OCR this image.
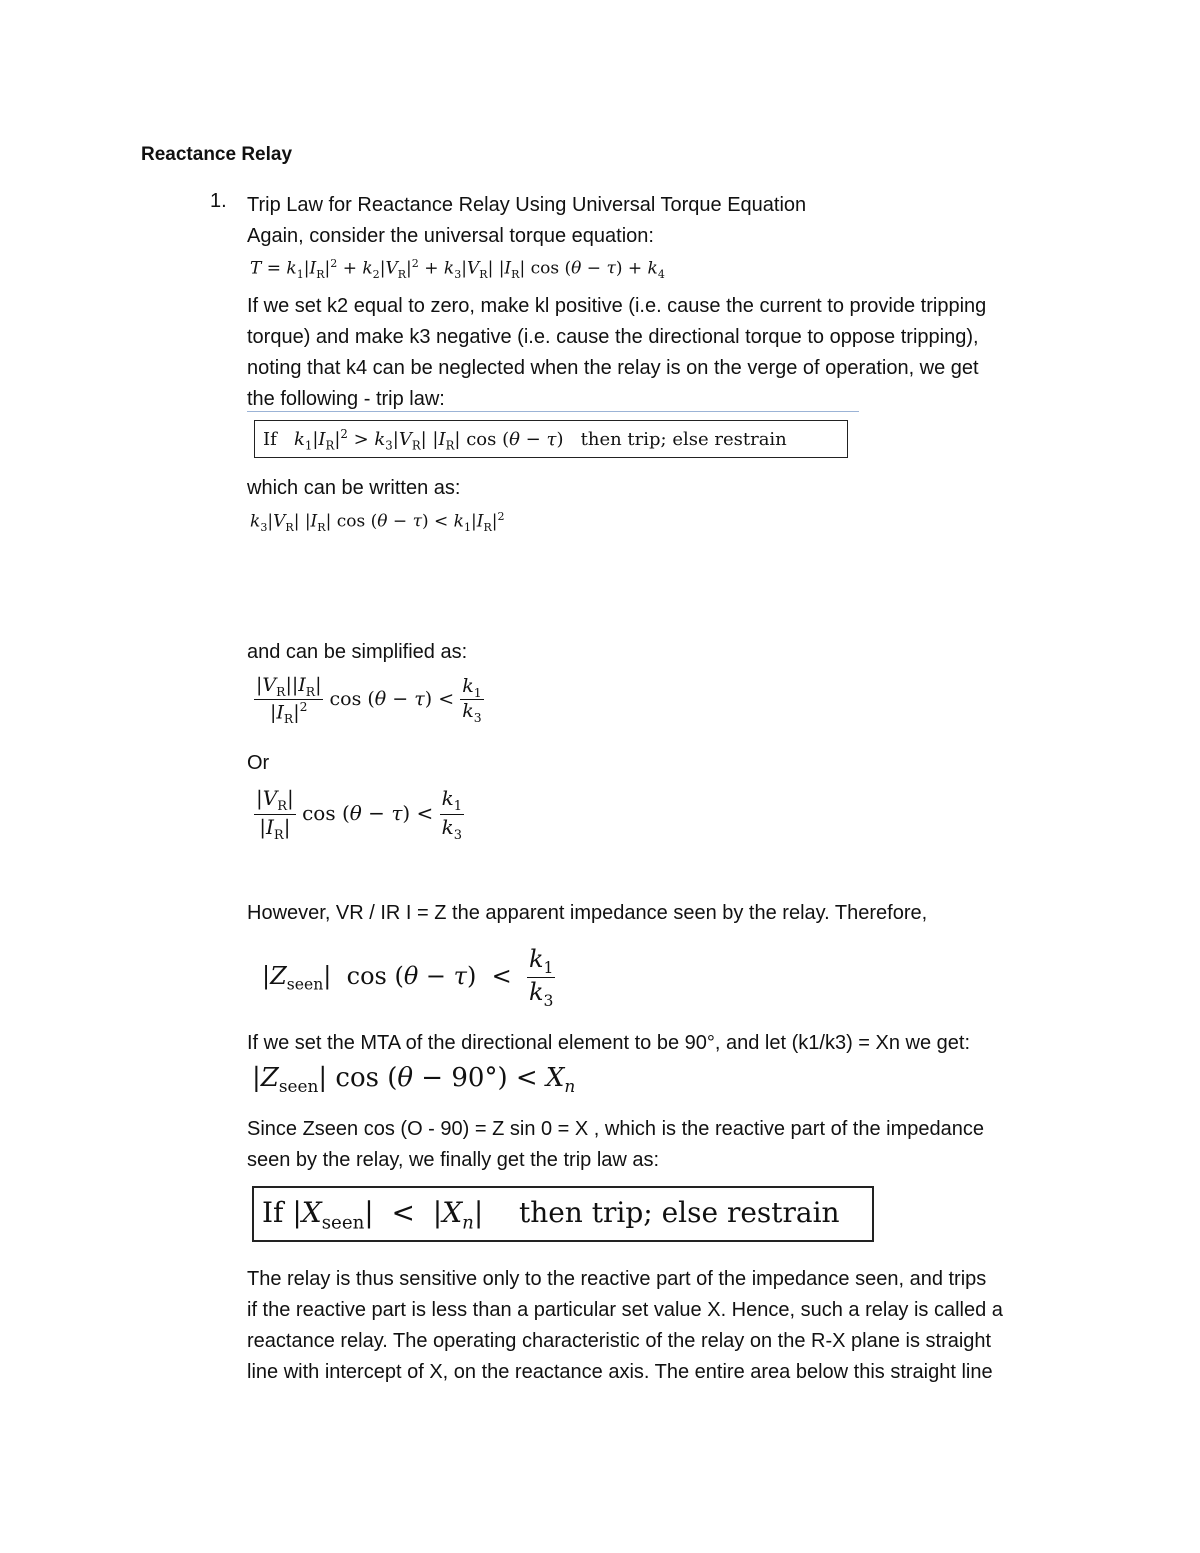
Reactance Relay
1. Trip Law for Reactance Relay Using Universal Torque Equation
Again, consider the universal torque equation:
$T = k_1|I_R|^2 + k_2|V_R|^2 + k_3|V_R|$ $|I_R|$ $\cos (\theta - \tau) + k_4$
If we set k2 equal to zero, make kl positive (i.e. cause the current to provide tripping
torque) and make k3 negative (i.e. cause the directional torque to oppose tripping),
noting that k4 can be neglected when the relay is on the verge of operation, we get
the following - trip law:
If $k_1|I_R|^2 > k_3|V_R|$ $|I_R|$ cos (θ − τ)   then trip; else restrain
which can be written as:
$k_3|V_R|$ $|I_R|$ $\cos (\theta - \tau) < k_1|I_R|^2$
and can be simplified as:
$\frac{|V_R||I_R|}{|I_R|^2}$ $\cos (\theta - \tau) < \frac{k_1}{k_3}$
Or
$\frac{|V_R|}{|I_R|}$ $\cos (\theta - \tau) < \frac{k_1}{k_3}$
However, VR / IR I = Z the apparent impedance seen by the relay. Therefore,
$|Z_{seen}|$  $\cos (\theta - \tau) < \frac{k_1}{k_3}$
If we set the MTA of the directional element to be 90°, and let (k1/k3) = Xn we get:
$|Z_{seen}|$ $\cos (\theta - 90^\circ) < X_n$
Since Zseen cos (O - 90) = Z sin 0 = X , which is the reactive part of the impedance
seen by the relay, we finally get the trip law as:
If $|X_{seen}| < |X_n|$    then trip; else restrain
The relay is thus sensitive only to the reactive part of the impedance seen, and trips
if the reactive part is less than a particular set value X. Hence, such a relay is called a
reactance relay. The operating characteristic of the relay on the R-X plane is straight
line with intercept of X, on the reactance axis. The entire area below this straight line
